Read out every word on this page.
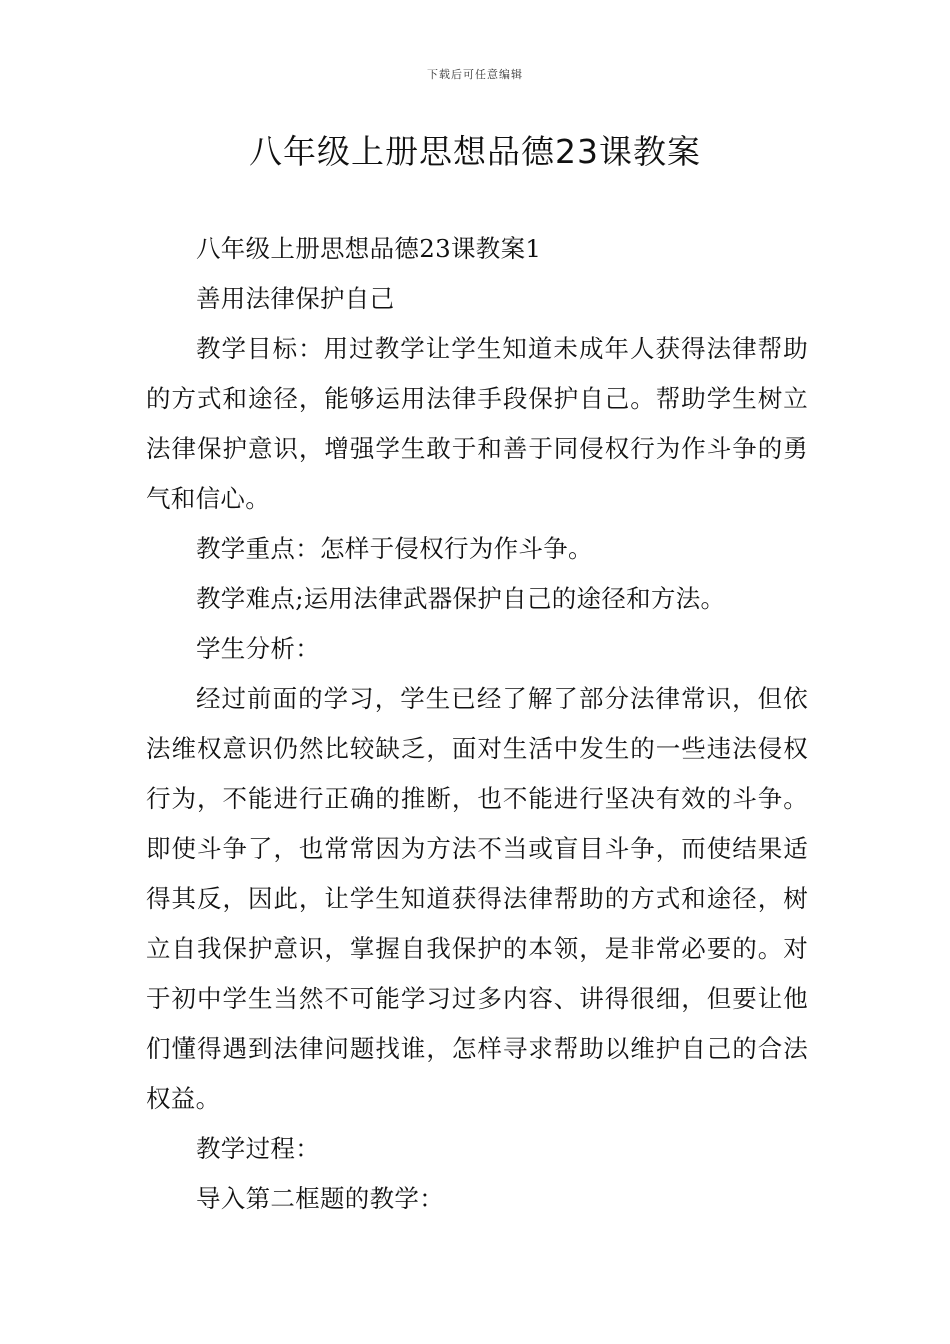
下载后可任意编辑
八年级上册思想品德23课教案

八年级上册思想品德23课教案1

善用法律保护自己

教学目标：用过教学让学生知道未成年人获得法律帮助的方式和途径，能够运用法律手段保护自己。帮助学生树立法律保护意识，增强学生敢于和善于同侵权行为作斗争的勇气和信心。

教学重点：怎样于侵权行为作斗争。

教学难点;运用法律武器保护自己的途径和方法。

学生分析：

经过前面的学习，学生已经了解了部分法律常识，但依法维权意识仍然比较缺乏，面对生活中发生的一些违法侵权行为，不能进行正确的推断，也不能进行坚决有效的斗争。即使斗争了，也常常因为方法不当或盲目斗争，而使结果适得其反，因此，让学生知道获得法律帮助的方式和途径，树立自我保护意识，掌握自我保护的本领，是非常必要的。对于初中学生当然不可能学习过多内容、讲得很细，但要让他们懂得遇到法律问题找谁，怎样寻求帮助以维护自己的合法权益。

教学过程：

导入第二框题的教学：
